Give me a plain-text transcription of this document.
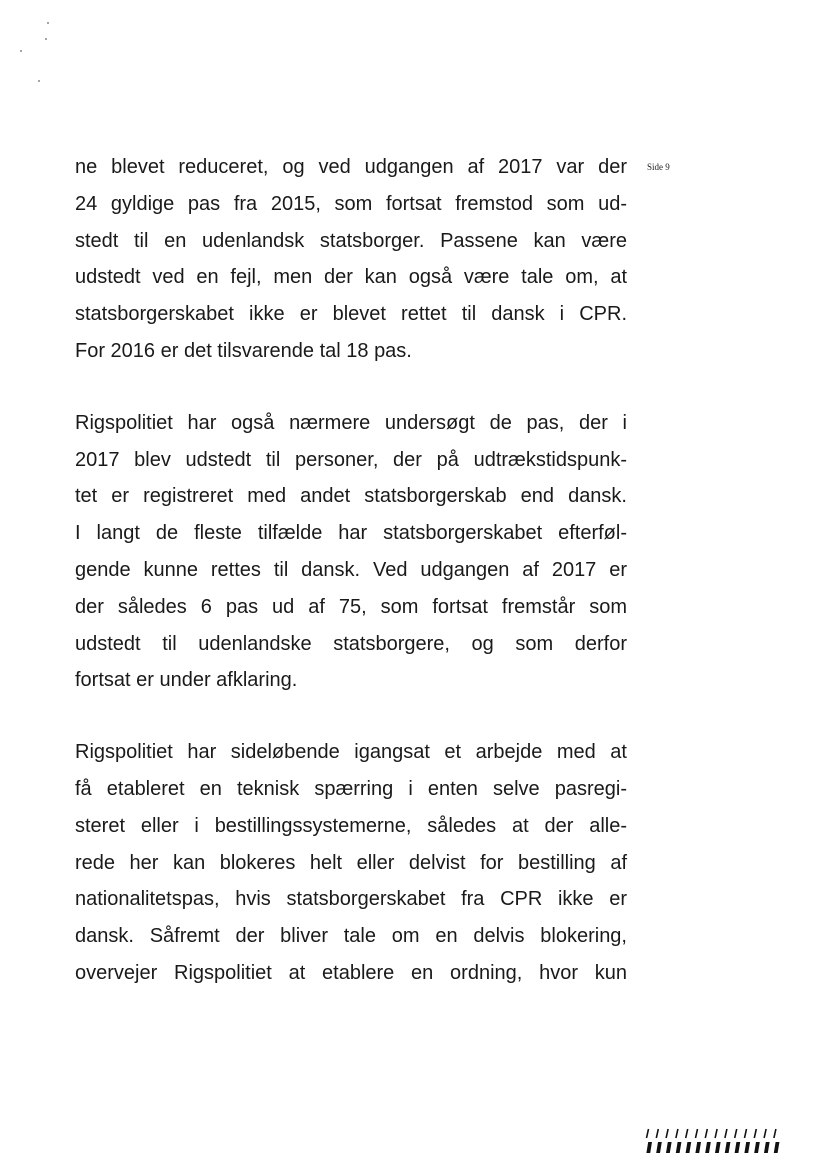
Side 9
ne blevet reduceret, og ved udgangen af 2017 var der
24 gyldige pas fra 2015, som fortsat fremstod som ud-
stedt til en udenlandsk statsborger. Passene kan være
udstedt ved en fejl, men der kan også være tale om, at
statsborgerskabet ikke er blevet rettet til dansk i CPR.
For 2016 er det tilsvarende tal 18 pas.
Rigspolitiet har også nærmere undersøgt de pas, der i
2017 blev udstedt til personer, der på udtrækstidspunk-
tet er registreret med andet statsborgerskab end dansk.
I langt de fleste tilfælde har statsborgerskabet efterføl-
gende kunne rettes til dansk. Ved udgangen af 2017 er
der således 6 pas ud af 75, som fortsat fremstår som
udstedt til udenlandske statsborgere, og som derfor
fortsat er under afklaring.
Rigspolitiet har sideløbende igangsat et arbejde med at
få etableret en teknisk spærring i enten selve pasregi-
steret eller i bestillingssystemerne, således at der alle-
rede her kan blokeres helt eller delvist for bestilling af
nationalitetspas, hvis statsborgerskabet fra CPR ikke er
dansk. Såfremt der bliver tale om en delvis blokering,
overvejer Rigspolitiet at etablere en ordning, hvor kun
